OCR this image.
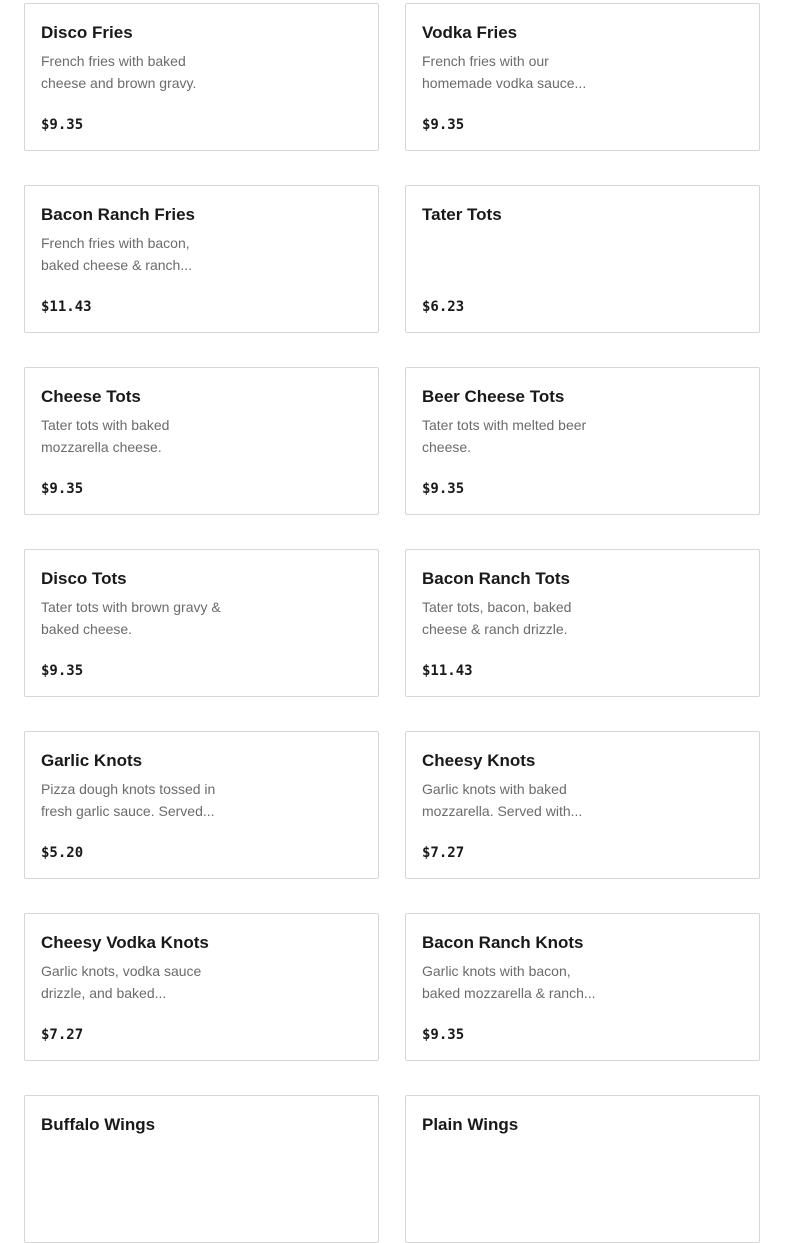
Disco Fries
French fries with baked cheese and brown gravy.
$9.35
Vodka Fries
French fries with our homemade vodka sauce...
$9.35
Bacon Ranch Fries
French fries with bacon, baked cheese & ranch...
$11.43
Tater Tots
$6.23
Cheese Tots
Tater tots with baked mozzarella cheese.
$9.35
Beer Cheese Tots
Tater tots with melted beer cheese.
$9.35
Disco Tots
Tater tots with brown gravy & baked cheese.
$9.35
Bacon Ranch Tots
Tater tots, bacon, baked cheese & ranch drizzle.
$11.43
Garlic Knots
Pizza dough knots tossed in fresh garlic sauce. Served...
$5.20
Cheesy Knots
Garlic knots with baked mozzarella. Served with...
$7.27
Cheesy Vodka Knots
Garlic knots, vodka sauce drizzle, and baked...
$7.27
Bacon Ranch Knots
Garlic knots with bacon, baked mozzarella & ranch...
$9.35
Buffalo Wings	Plain Wings
